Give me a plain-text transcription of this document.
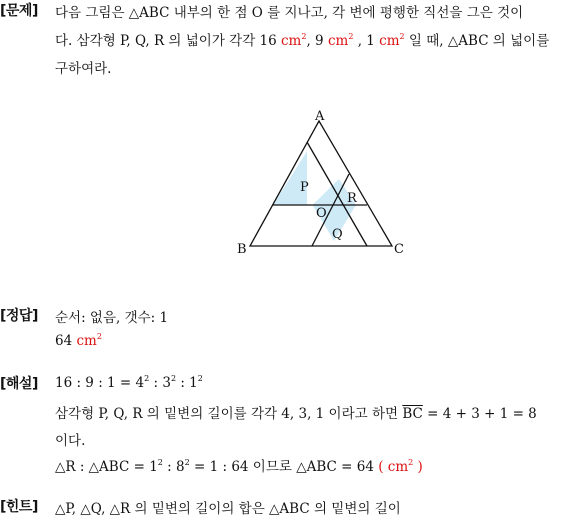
[문제] 다음 그림은 △ABC 내부의 한 점 O 를 지나고, 각 변에 평행한 직선을 그은 것이
다. 삼각형 P, Q, R 의 넓이가 각각 16 $cm^2$, 9 $cm^2$ , 1 $cm^2$ 일 때, △ABC 의 넓이를
구하여라.
A
B	C
O
P
Q
R
[정답] 순서: 없음, 갯수: 1
64 $cm^2$
[해설] 16 : 9 : $1 = 4^2$ : $3^2$ : $1^2$
삼각형 P, Q, R 의 밑변의 길이를 각각 4, 3, 1 이라고 하면 $\overline{BC} = 4 + 3 + 1 = 8$
이다.
△R : △ABC = $1^2$ : $8^2 = 1$ : 64 이므로 △ABC = 64 ( $cm^2$ )
[힌트] △P, △Q, △R 의 밑변의 길이의 합은 △ABC 의 밑변의 길이
